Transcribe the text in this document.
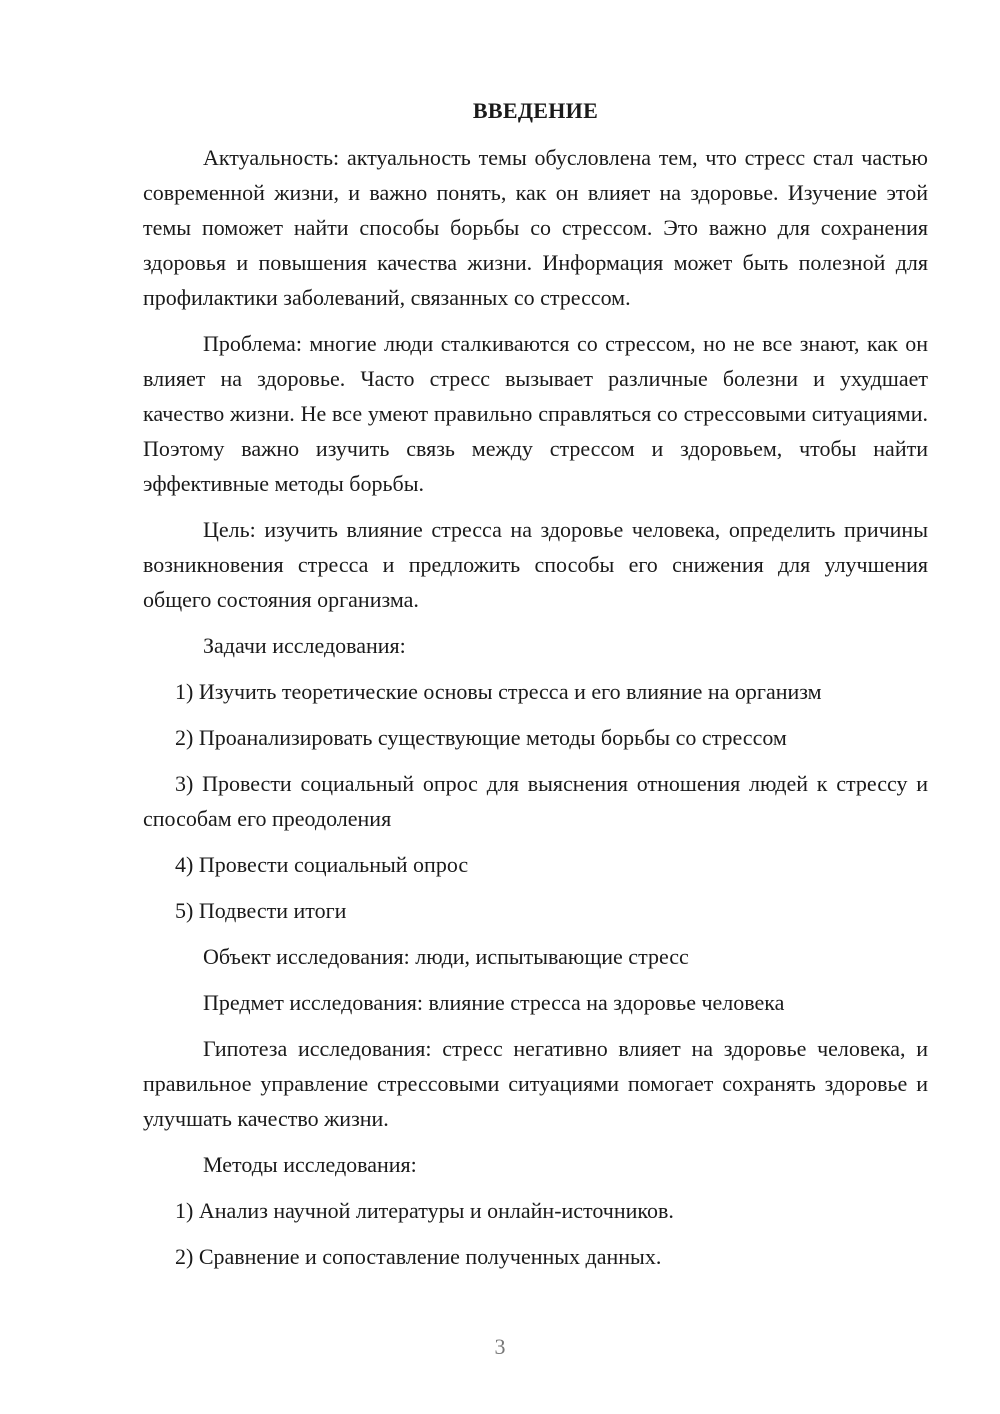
ВВЕДЕНИЕ

Актуальность: актуальность темы обусловлена тем, что стресс стал частью современной жизни, и важно понять, как он влияет на здоровье. Изучение этой темы поможет найти способы борьбы со стрессом. Это важно для сохранения здоровья и повышения качества жизни. Информация может быть полезной для профилактики заболеваний, связанных со стрессом.

Проблема: многие люди сталкиваются со стрессом, но не все знают, как он влияет на здоровье. Часто стресс вызывает различные болезни и ухудшает качество жизни. Не все умеют правильно справляться со стрессовыми ситуациями. Поэтому важно изучить связь между стрессом и здоровьем, чтобы найти эффективные методы борьбы.

Цель: изучить влияние стресса на здоровье человека, определить причины возникновения стресса и предложить способы его снижения для улучшения общего состояния организма.

Задачи исследования:

1) Изучить теоретические основы стресса и его влияние на организм

2) Проанализировать существующие методы борьбы со стрессом

3) Провести социальный опрос для выяснения отношения людей к стрессу и способам его преодоления

4) Провести социальный опрос

5) Подвести итоги

Объект исследования: люди, испытывающие стресс

Предмет исследования: влияние стресса на здоровье человека

Гипотеза исследования: стресс негативно влияет на здоровье человека, и правильное управление стрессовыми ситуациями помогает сохранять здоровье и улучшать качество жизни.

Методы исследования:

1) Анализ научной литературы и онлайн-источников.

2) Сравнение и сопоставление полученных данных.

3
